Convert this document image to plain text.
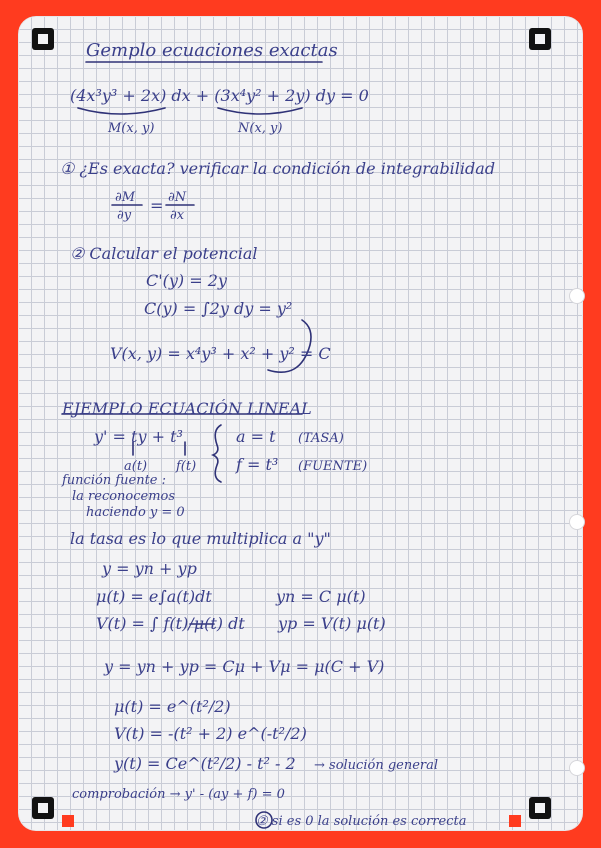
Gemplo ecuaciones exactas
(4x³y³ + 2x) dx + (3x⁴y² + 2y) dy = 0
M(x, y)	N(x, y)
① ¿Es exacta? verificar la condición de integrabilidad
∂M
∂y
= ∂N
∂x
② Calcular el potencial
C'(y) = 2y
C(y) = ∫2y dy = y²
V(x, y) = x⁴y³ + x² + y² = C
EJEMPLO ECUACIÓN LINEAL
y' = ty + t³
a(t) f(t)
a = t (TASA)
f = t³ (FUENTE)
función fuente :
la reconocemos
haciendo y = 0
la tasa es lo que multiplica a "y"
y = yn + yp
μ(t) = e∫a(t)dt	yn = C μ(t)
V(t) = ∫ f(t)/μ(t) dt yp = V(t) μ(t)
y = yn + yp = Cμ + Vμ = μ(C + V)
μ(t) = e^(t²/2)
V(t) = -(t² + 2) e^(-t²/2)
y(t) = Ce^(t²/2) - t² - 2 → solución general
comprobación → y' - (ay + f) = 0
② si es 0 la solución es correcta
